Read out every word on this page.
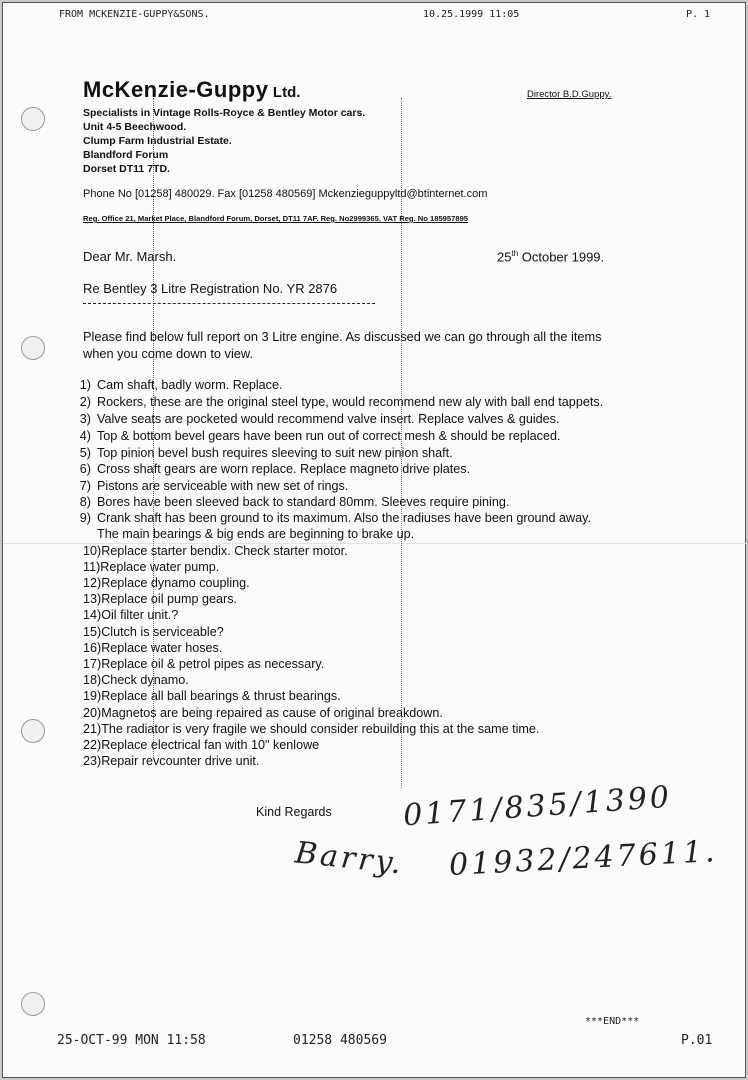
FROM MCKENZIE-GUPPY&SONS.	10.25.1999 11:05	P. 1
McKenzie-Guppy Ltd.	Director B.D.Guppy.
Specialists in Vintage Rolls-Royce & Bentley Motor cars.
Unit 4-5 Beechwood.
Clump Farm Industrial Estate.
Blandford Forum
Dorset DT11 7TD.
Phone No [01258] 480029. Fax [01258 480569] Mckenzieguppyltd@btinternet.com
Reg. Office 21, Market Place, Blandford Forum, Dorset, DT11 7AF. Reg. No2999365. VAT Reg. No 185957895
Dear Mr. Marsh.	25th October 1999.
Re Bentley 3 Litre Registration No. YR 2876
Please find below full report on 3 Litre engine. As discussed we can go through all the items
when you come down to view.
1) Cam shaft, badly worm. Replace.
2) Rockers, these are the original steel type, would recommend new aly with ball end tappets.
3) Valve seats are pocketed would recommend valve insert. Replace valves & guides.
4) Top & bottom bevel gears have been run out of correct mesh & should be replaced.
5) Top pinion bevel bush requires sleeving to suit new pinion shaft.
6) Cross shaft gears are worn replace. Replace magneto drive plates.
7) Pistons are serviceable with new set of rings.
8) Bores have been sleeved back to standard 80mm. Sleeves require pining.
9) Crank shaft has been ground to its maximum. Also the radiuses have been ground away.
The main bearings & big ends are beginning to brake up.
10)Replace starter bendix. Check starter motor.
11)Replace water pump.
12)Replace dynamo coupling.
13)Replace oil pump gears.
14)Oil filter unit.?
15)Clutch is serviceable?
16)Replace water hoses.
17)Replace oil & petrol pipes as necessary.
18)Check dynamo.
19)Replace all ball bearings & thrust bearings.
20)Magnetos are being repaired as cause of original breakdown.
21)The radiator is very fragile we should consider rebuilding this at the same time.
22)Replace electrical fan with 10" kenlowe
23)Repair revcounter drive unit.
Kind Regards 0171/835/1390
Barry. 01932/247611.
***END***
25-OCT-99 MON 11:58	01258 480569	P.01
